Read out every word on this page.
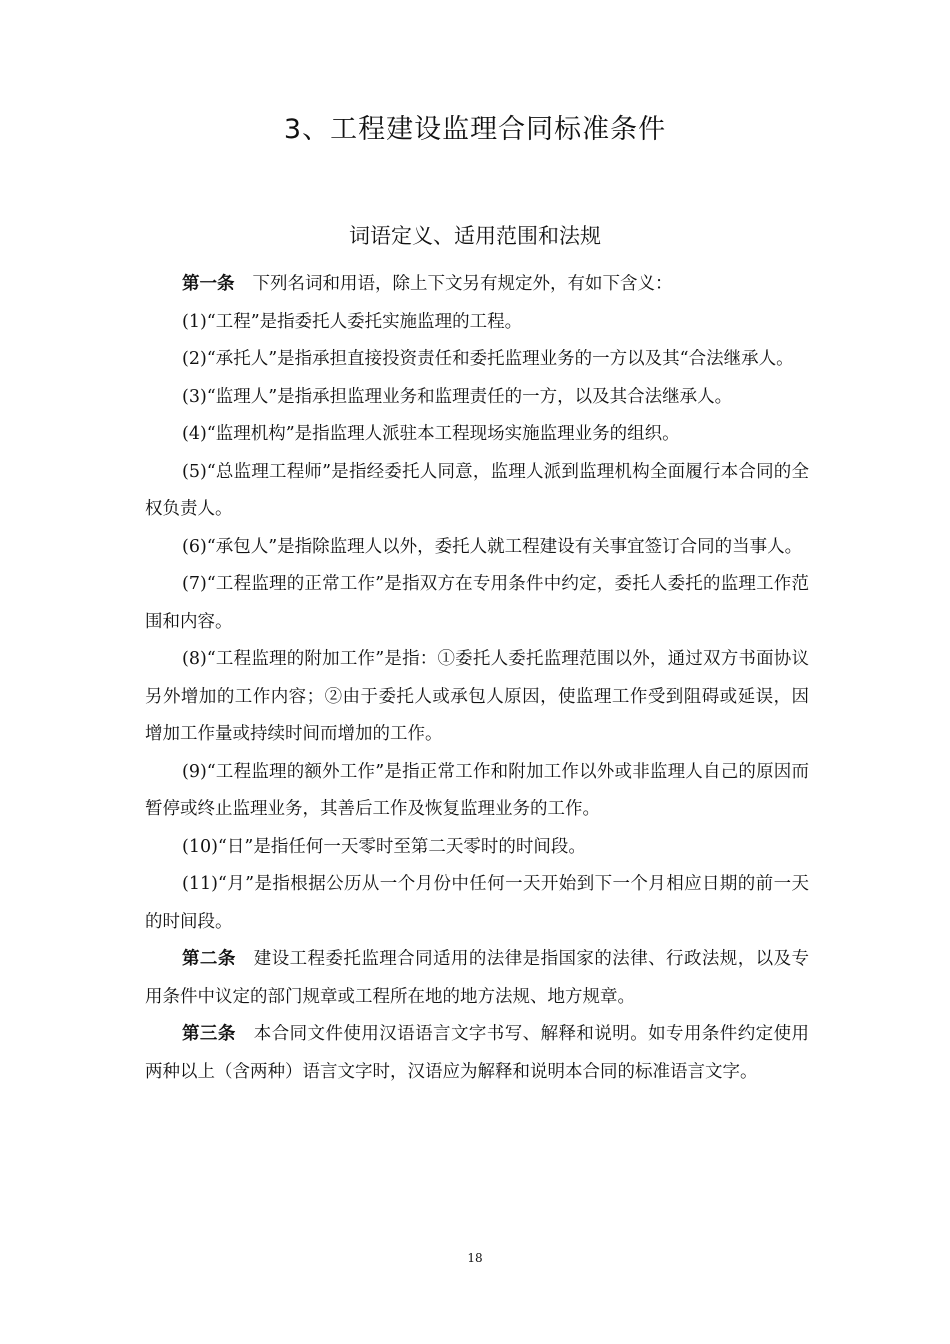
3、工程建设监理合同标准条件
词语定义、适用范围和法规

第一条 下列名词和用语，除上下文另有规定外，有如下含义：

(1)“工程”是指委托人委托实施监理的工程。

(2)“承托人”是指承担直接投资责任和委托监理业务的一方以及其“合法继承人。

(3)“监理人”是指承担监理业务和监理责任的一方，以及其合法继承人。

(4)“监理机构”是指监理人派驻本工程现场实施监理业务的组织。

(5)“总监理工程师”是指经委托人同意，监理人派到监理机构全面履行本合同的全权负责人。

(6)“承包人”是指除监理人以外，委托人就工程建设有关事宜签订合同的当事人。

(7)“工程监理的正常工作”是指双方在专用条件中约定，委托人委托的监理工作范围和内容。

(8)“工程监理的附加工作”是指：①委托人委托监理范围以外，通过双方书面协议另外增加的工作内容；②由于委托人或承包人原因，使监理工作受到阻碍或延误，因增加工作量或持续时间而增加的工作。

(9)“工程监理的额外工作”是指正常工作和附加工作以外或非监理人自己的原因而暂停或终止监理业务，其善后工作及恢复监理业务的工作。

(10)“日”是指任何一天零时至第二天零时的时间段。

(11)“月”是指根据公历从一个月份中任何一天开始到下一个月相应日期的前一天的时间段。

第二条 建设工程委托监理合同适用的法律是指国家的法律、行政法规，以及专用条件中议定的部门规章或工程所在地的地方法规、地方规章。

第三条 本合同文件使用汉语语言文字书写、解释和说明。如专用条件约定使用两种以上（含两种）语言文字时，汉语应为解释和说明本合同的标准语言文字。

18
